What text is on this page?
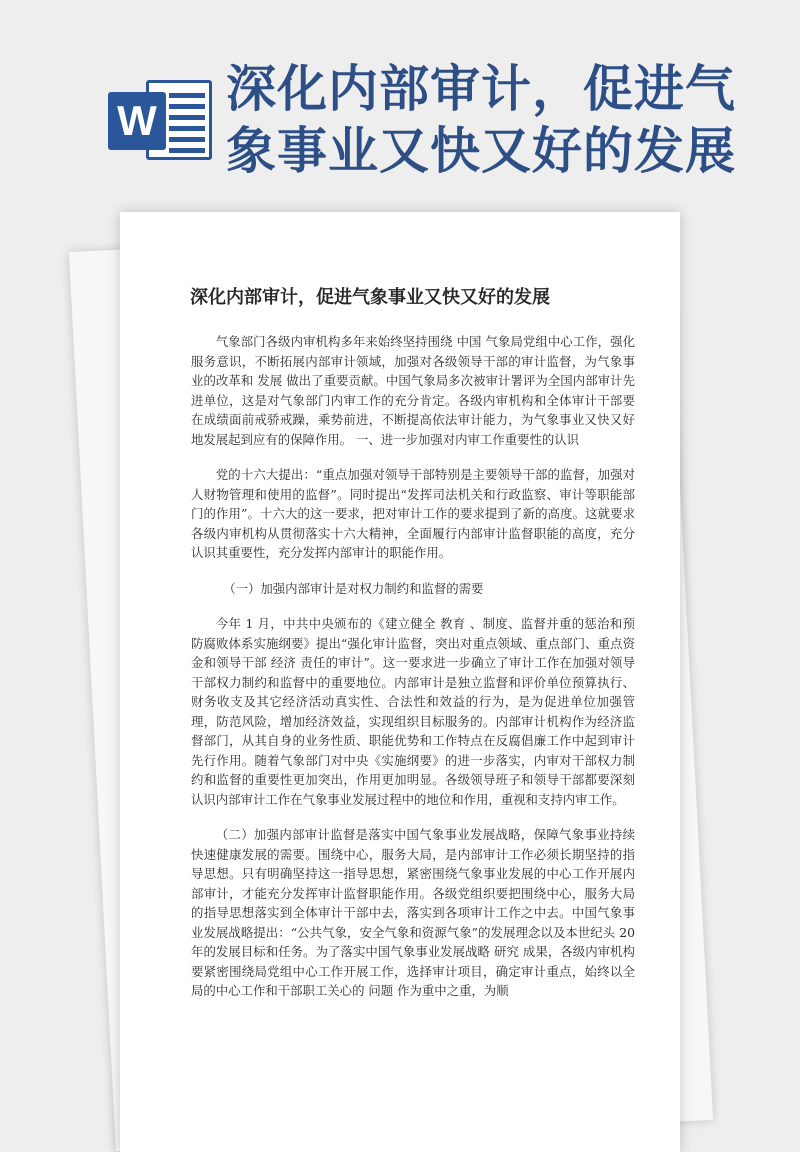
W
深化内部审计，促进气象事业又快又好的发展
深化内部审计，促进气象事业又快又好的发展

气象部门各级内审机构多年来始终坚持围绕 中国 气象局党组中心工作，强化服务意识，不断拓展内部审计领域，加强对各级领导干部的审计监督，为气象事业的改革和 发展 做出了重要贡献。中国气象局多次被审计署评为全国内部审计先进单位，这是对气象部门内审工作的充分肯定。各级内审机构和全体审计干部要在成绩面前戒骄戒躁，乘势前进，不断提高依法审计能力，为气象事业又快又好地发展起到应有的保障作用。 一、进一步加强对内审工作重要性的认识

党的十六大提出：“重点加强对领导干部特别是主要领导干部的监督，加强对人财物管理和使用的监督”。同时提出“发挥司法机关和行政监察、审计等职能部门的作用”。十六大的这一要求，把对审计工作的要求提到了新的高度。这就要求各级内审机构从贯彻落实十六大精神，全面履行内部审计监督职能的高度，充分认识其重要性，充分发挥内部审计的职能作用。

（一）加强内部审计是对权力制约和监督的需要

今年 1 月，中共中央颁布的《建立健全 教育 、制度、监督并重的惩治和预防腐败体系实施纲要》提出“强化审计监督，突出对重点领域、重点部门、重点资金和领导干部 经济 责任的审计”。这一要求进一步确立了审计工作在加强对领导干部权力制约和监督中的重要地位。内部审计是独立监督和评价单位预算执行、财务收支及其它经济活动真实性、合法性和效益的行为，是为促进单位加强管理，防范风险，增加经济效益，实现组织目标服务的。内部审计机构作为经济监督部门，从其自身的业务性质、职能优势和工作特点在反腐倡廉工作中起到审计先行作用。随着气象部门对中央《实施纲要》的进一步落实，内审对干部权力制约和监督的重要性更加突出，作用更加明显。各级领导班子和领导干部都要深刻认识内部审计工作在气象事业发展过程中的地位和作用，重视和支持内审工作。

（二）加强内部审计监督是落实中国气象事业发展战略，保障气象事业持续快速健康发展的需要。围绕中心，服务大局，是内部审计工作必须长期坚持的指导思想。只有明确坚持这一指导思想，紧密围绕气象事业发展的中心工作开展内部审计，才能充分发挥审计监督职能作用。各级党组织要把围绕中心，服务大局的指导思想落实到全体审计干部中去，落实到各项审计工作之中去。中国气象事业发展战略提出：“公共气象，安全气象和资源气象”的发展理念以及本世纪头 20 年的发展目标和任务。为了落实中国气象事业发展战略 研究 成果，各级内审机构要紧密围绕局党组中心工作开展工作，选择审计项目，确定审计重点，始终以全局的中心工作和干部职工关心的 问题 作为重中之重，为顺
